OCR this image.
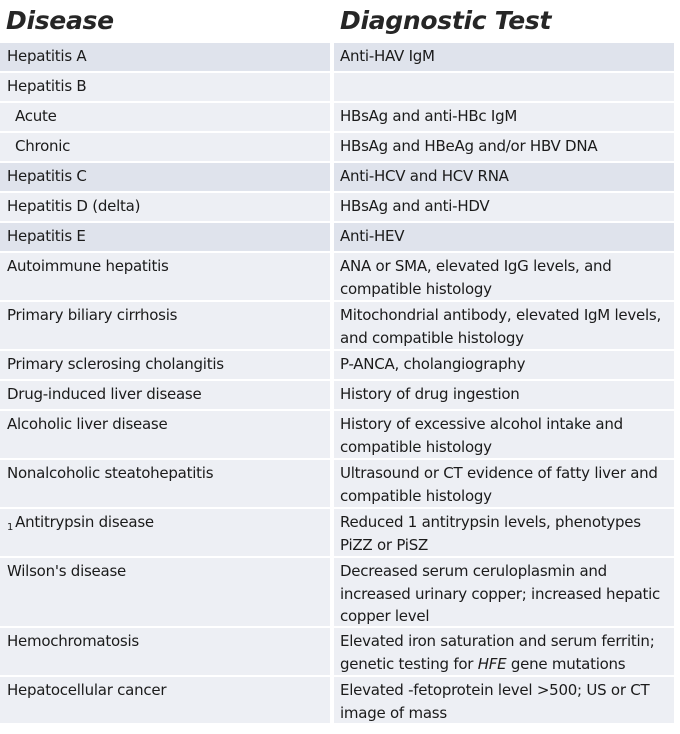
Disease	Diagnostic Test
Hepatitis A	Anti-HAV IgM
Hepatitis B
Acute	HBsAg and anti-HBc IgM
Chronic	HBsAg and HBeAg and/or HBV DNA
Hepatitis C	Anti-HCV and HCV RNA
Hepatitis D (delta)	HBsAg and anti-HDV
Hepatitis E	Anti-HEV
Autoimmune hepatitis	ANA or SMA, elevated IgG levels, and compatible histology
Primary biliary cirrhosis	Mitochondrial antibody, elevated IgM levels, and compatible histology
Primary sclerosing cholangitis	P-ANCA, cholangiography
Drug-induced liver disease	History of drug ingestion
Alcoholic liver disease	History of excessive alcohol intake and compatible histology
Nonalcoholic steatohepatitis	Ultrasound or CT evidence of fatty liver and compatible histology
$_1$ Antitrypsin disease	Reduced 1 antitrypsin levels, phenotypes PiZZ or PiSZ
Wilson's disease	Decreased serum ceruloplasmin and increased urinary copper; increased hepatic copper level
Hemochromatosis	Elevated iron saturation and serum ferritin; genetic testing for HFE gene mutations
Hepatocellular cancer	Elevated -fetoprotein level >500; US or CT image of mass
